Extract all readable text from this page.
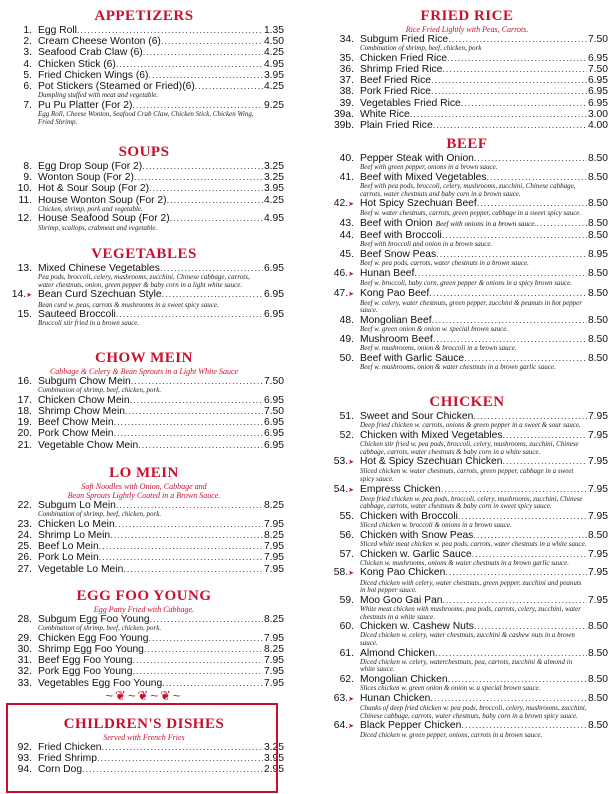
APPETIZERS
1. Egg Roll .....	1.35
2. Cream Cheese Wonton (6) .....	4.50
3. Seafood Crab Claw (6) .....	4.25
4. Chicken Stick (6) .....	4.95
5. Fried Chicken Wings (6) .....	3.95
6. Pot Stickers (Steamed or Fried)(6) .....	4.25
Dumpling stuffed with meat and vegetable.
7. Pu Pu Platter (For 2) .....	9.25
Egg Roll, Cheese Wonton, Seafood Crab Claw, Chicken Stick, Chicken Wing, Fried Shrimp.
SOUPS
8. Egg Drop Soup (For 2) .....	3.25
9. Wonton Soup (For 2) .....	3.25
10. Hot & Sour Soup (For 2) .....	3.95
11. House Wonton Soup (For 2) .....	4.25
Chicken, shrimp, pork and vegetable.
12. House Seafood Soup (For 2) .....	4.95
Shrimp, scallops, crabmeat and vegetable.
VEGETABLES
13. Mixed Chinese Vegetables .....	6.95
Pea pods, broccoli, celery, mushrooms, zucchini, Chinese cabbage, carrots, water chestnuts, onion, green pepper & baby corn in a light white sauce.
14.➤ Bean Curd Szechuan Style .....	6.95
Bean curd w. peas, carrots & mushrooms in a sweet spicy sauce.
15. Sauteed Broccoli .....	6.95
Broccoli stir fried in a brown sauce.
CHOW MEIN
Cabbage & Celery & Bean Sprouts in a Light White Sauce
16. Subgum Chow Mein .....	7.50
Combination of shrimp, beef, chicken, pork.
17. Chicken Chow Mein .....	6.95
18. Shrimp Chow Mein .....	7.50
19. Beef Chow Mein .....	6.95
20. Pork Chow Mein .....	6.95
21. Vegetable Chow Mein .....	6.95
LO MEIN
Soft Noodles with Onion, Cabbage and
Bean Sprouts Lightly Coated in a Brown Sauce.
22. Subgum Lo Mein .....	8.25
Combination of shrimp, beef, chicken, pork.
23. Chicken Lo Mein .....	7.95
24. Shrimp Lo Mein .....	8.25
25. Beef Lo Mein .....	7.95
26. Pork Lo Mein .....	7.95
27. Vegetable Lo Mein .....	7.95
EGG FOO YOUNG
Egg Patty Fried with Cabbage.
28. Subgum Egg Foo Young .....	8.25
Combination of shrimp, beef, chicken, pork.
29. Chicken Egg Foo Young .....	7.95
30. Shrimp Egg Foo Young .....	8.25
31. Beef Egg Foo Young .....	7.95
32. Pork Egg Foo Young .....	7.95
33. Vegetables Egg Foo Young .....	7.95
CHILDREN'S DISHES
Served with French Fries
92. Fried Chicken .....	3.25
93. Fried Shrimp .....	3.95
94. Corn Dog .....	2.95
FRIED RICE
Rice Fried Lightly with Peas, Carrots.
34. Subgum Fried Rice .....	7.50
Combination of shrimp, beef, chicken, pork
35. Chicken Fried Rice .....	6.95
36. Shrimp Fried Rice .....	7.50
37. Beef Fried Rice .....	6.95
38. Pork Fried Rice .....	6.95
39. Vegetables Fried Rice .....	6.95
39a. White Rice .....	3.00
39b. Plain Fried Rice .....	4.00
BEEF
40. Pepper Steak with Onion .....	8.50
Beef with green pepper, onions in a brown sauce.
41. Beef with Mixed Vegetables .....	8.50
Beef with pea pods, broccoli, celery, mushrooms, zucchini, Chinese cabbage, carrots, water chestnuts and baby corn in a brown sauce.
42.➤ Hot Spicy Szechuan Beef .....	8.50
Beef w. water chestnuts, carrots, green pepper, cabbage in a sweet spicy sauce.
43. Beef with Onion Beef with onions in a brown sauce. .....	8.50
44. Beef with Broccoli .....	8.50
Beef with broccoli and onion in a brown sauce.
45. Beef Snow Peas .....	8.95
Beef w. pea pods, carrots, water chestnuts in a brown sauce.
46.➤ Hunan Beef .....	8.50
Beef w. broccoli, baby corn, green pepper & onions in a spicy brown sauce.
47.➤ Kong Pao Beef .....	8.50
Beef w. celery, water chestnuts, green pepper, zucchini & peanuts in hot pepper sauce.
48. Mongolian Beef .....	8.50
Beef w. green onion & onion w. special brown sauce.
49. Mushroom Beef .....	8.50
Beef w. mushrooms, onion & broccoli in a brown sauce.
50. Beef with Garlic Sauce .....	8.50
Beef w. mushrooms, onion & water chestnuts in a brown garlic sauce.
CHICKEN
51. Sweet and Sour Chicken .....	7.95
Deep fried chicken w. carrots, onions & green pepper in a sweet & sour sauce.
52. Chicken with Mixed Vegetables .....	7.95
Chicken stir fried w. pea pods, broccoli, celery, mushrooms, zucchini, Chinese cabbage, carrots, water chestnuts & baby corn in a white sauce.
53.➤ Hot & Spicy Szechuan Chicken .....	7.95
Sliced chicken w. water chestnuts, carrots, green pepper, cabbage in a sweet spicy sauce.
54.➤ Empress Chicken .....	7.95
Deep fried chicken w. pea pods, broccoli, celery, mushrooms, zucchini, Chinese cabbage, carrots, water chestnuts & baby corn in sweet spicy sauce.
55. Chicken with Broccoli .....	7.95
Sliced chicken w. broccoli & onions in a brown sauce.
56. Chicken with Snow Peas .....	8.50
Sliced white meat chicken w. pea pods, carrots, water chestnuts in a white sauce.
57. Chicken w. Garlic Sauce .....	7.95
Chicken w. mushrooms, onions & water chestnuts in a brown garlic sauce.
58.➤ Kong Pao Chicken .....	7.95
Diced chicken with celery, water chestnuts, green pepper, zucchini and peanuts in hot pepper sauce.
59. Moo Goo Gai Pan .....	7.95
White meat chicken with mushrooms, pea pods, carrots, celery, zucchini, water chestnuts in a white sauce.
60. Chicken w. Cashew Nuts .....	8.50
Diced chicken w. celery, water chestnuts, zucchini & cashew nuts in a brown sauce.
61. Almond Chicken .....	8.50
Diced chicken w. celery, waterchestnuts, pea, carrots, zucchini & almond in white sauce.
62. Mongolian Chicken .....	8.50
Slices chicken w. green onion & onion w. a special brown sauce.
63.➤ Hunan Chicken .....	8.50
Chunks of deep fried chicken w. pea pods, broccoli, celery, mushrooms, zucchini, Chinese cabbage, carrots, water chestnuts, baby corn in a brown spicy sauce.
64.➤ Black Pepper Chicken .....	8.50
Diced chicken w. green pepper, onions, carrots in a brown sauce.
~❦~❦~❦~
